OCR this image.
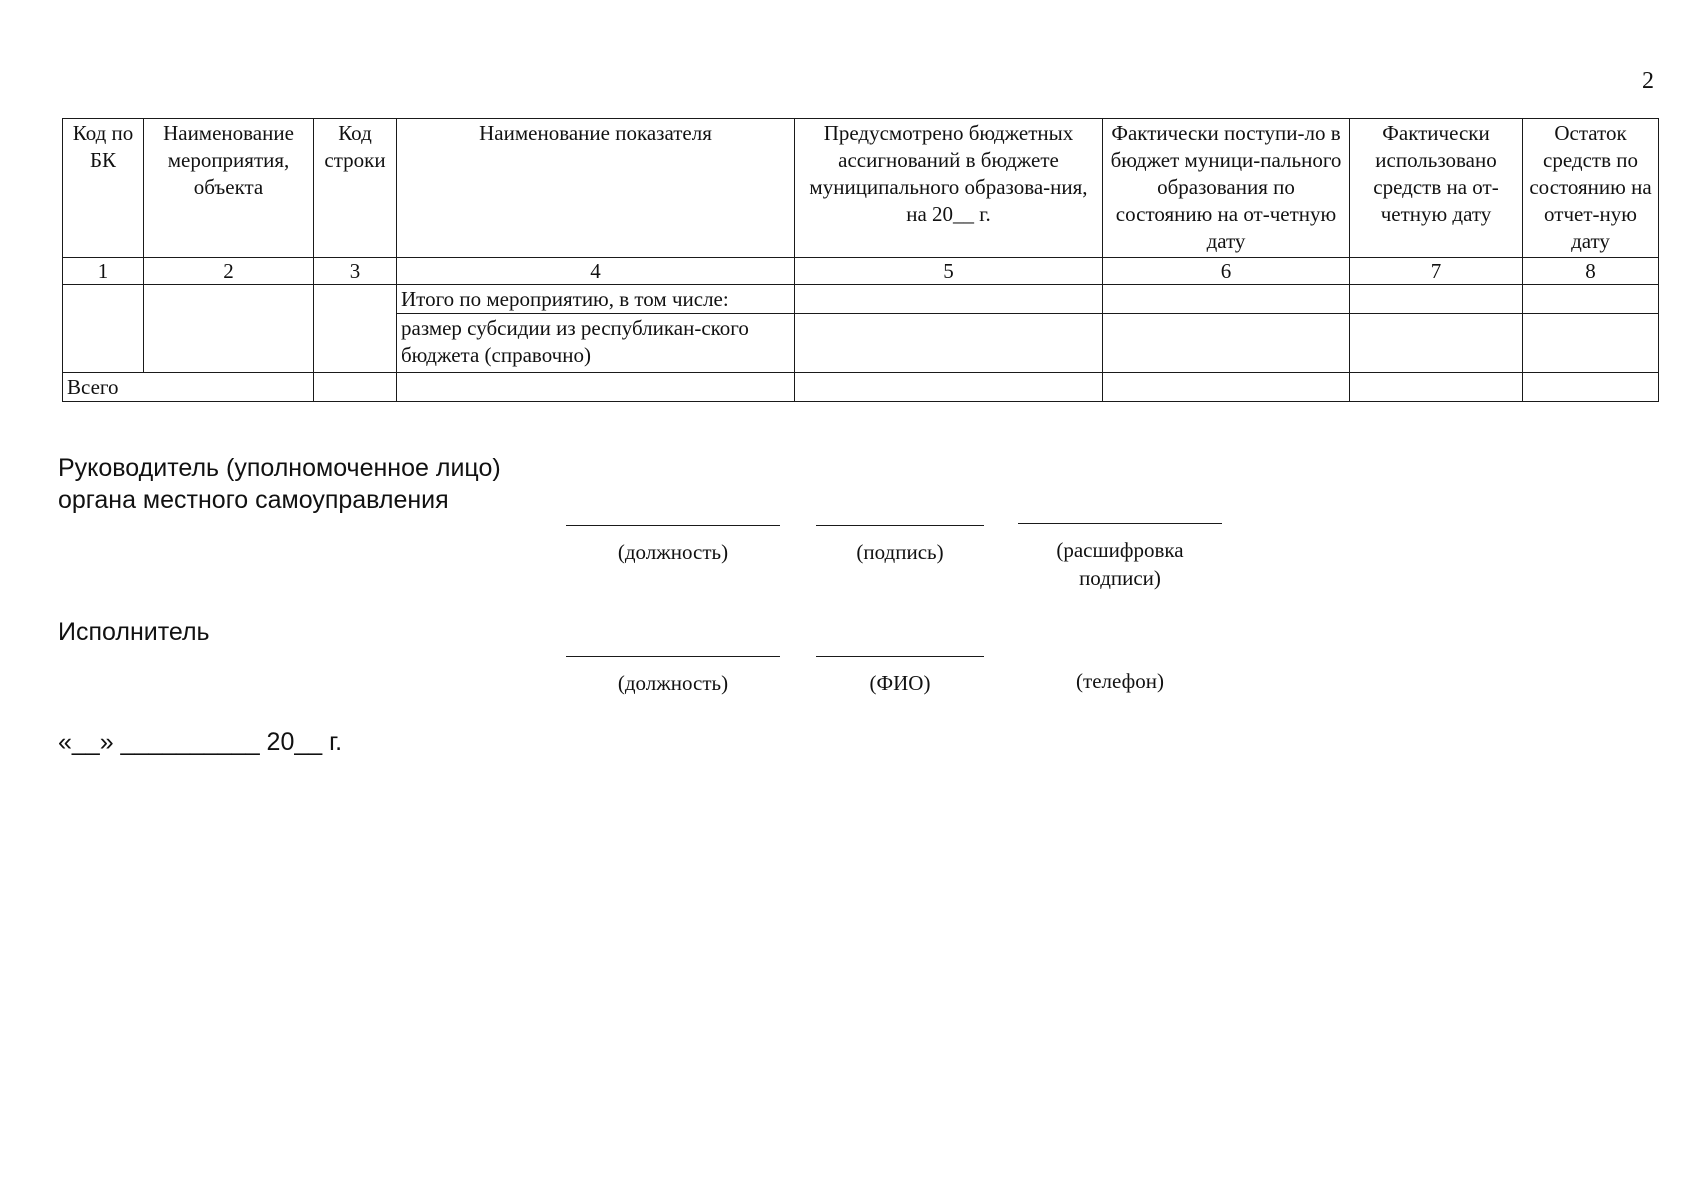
2
Код по БК	Наименование мероприятия, объекта	Код строки	Наименование показателя	Предусмотрено бюджетных ассигнований в бюджете муниципального образова-ния, на 20__ г.	Фактически поступи-ло в бюджет муници-пального образования по состоянию на от-четную дату	Фактически использовано средств на от-четную дату	Остаток средств по состоянию на отчет-ную дату
1	2	3	4	5	6	7	8
			Итого по мероприятию, в том числе:				
			размер субсидии из республикан-ского бюджета (справочно)				
Всего							
Руководитель (уполномоченное лицо)
органа местного самоуправления
(должность)	(подпись)	(расшифровка подписи)
Исполнитель
(должность)	(ФИО)	(телефон)
«__» __________ 20__ г.
